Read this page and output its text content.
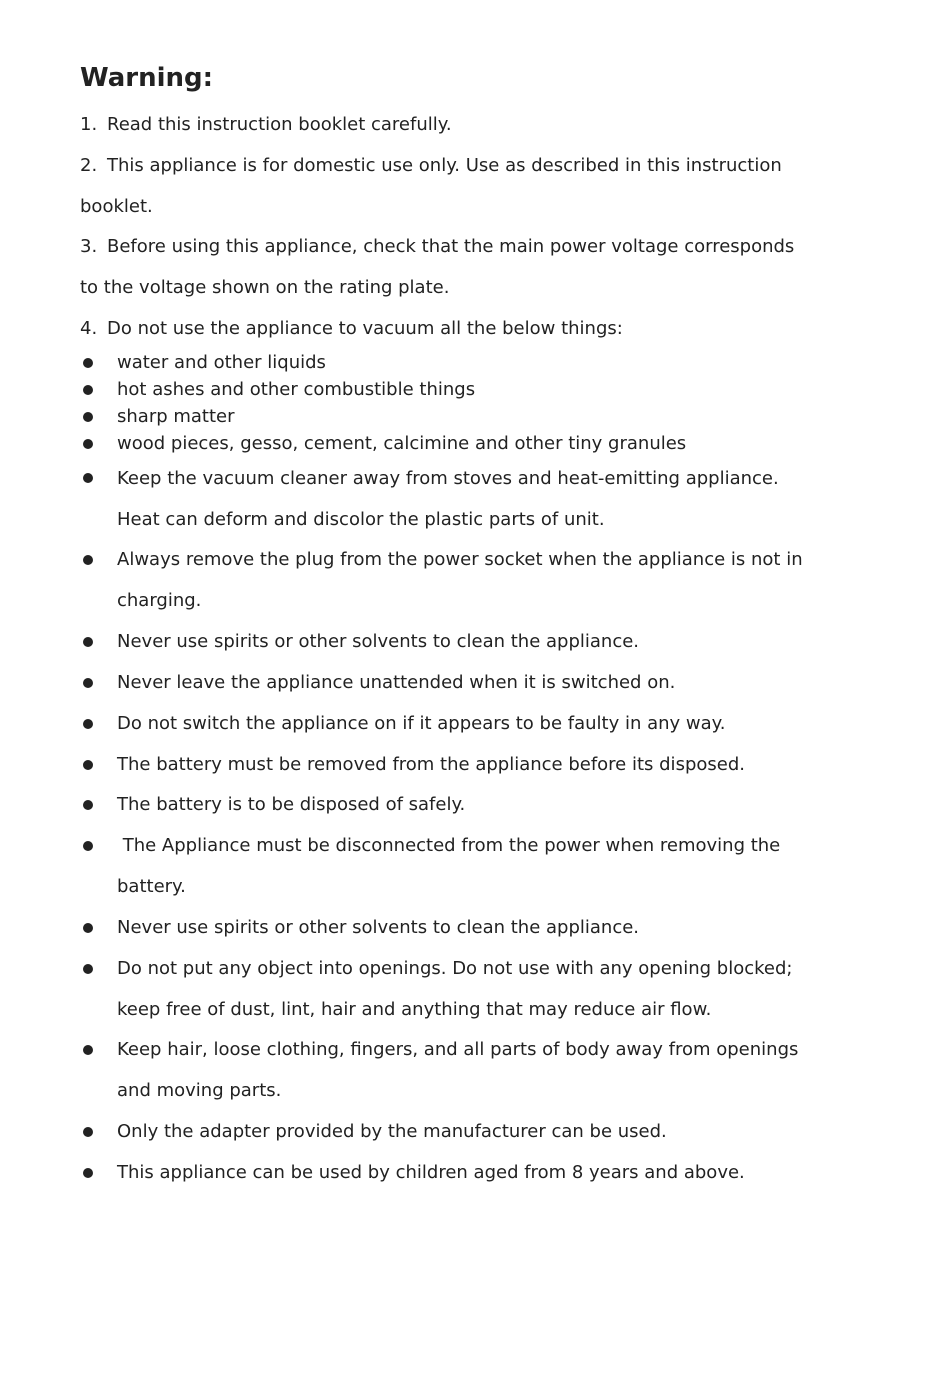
Warning:
1. Read this instruction booklet carefully.
2. This appliance is for domestic use only. Use as described in this instruction
booklet.
3. Before using this appliance, check that the main power voltage corresponds
to the voltage shown on the rating plate.
4. Do not use the appliance to vacuum all the below things:
water and other liquids
hot ashes and other combustible things
sharp matter
wood pieces, gesso, cement, calcimine and other tiny granules
Keep the vacuum cleaner away from stoves and heat-emitting appliance.
Heat can deform and discolor the plastic parts of unit.
Always remove the plug from the power socket when the appliance is not in
charging.
Never use spirits or other solvents to clean the appliance.
Never leave the appliance unattended when it is switched on.
Do not switch the appliance on if it appears to be faulty in any way.
The battery must be removed from the appliance before its disposed.
The battery is to be disposed of safely.
The Appliance must be disconnected from the power when removing the
battery.
Never use spirits or other solvents to clean the appliance.
Do not put any object into openings. Do not use with any opening blocked;
keep free of dust, lint, hair and anything that may reduce air flow.
Keep hair, loose clothing, fingers, and all parts of body away from openings
and moving parts.
Only the adapter provided by the manufacturer can be used.
This appliance can be used by children aged from 8 years and above.
